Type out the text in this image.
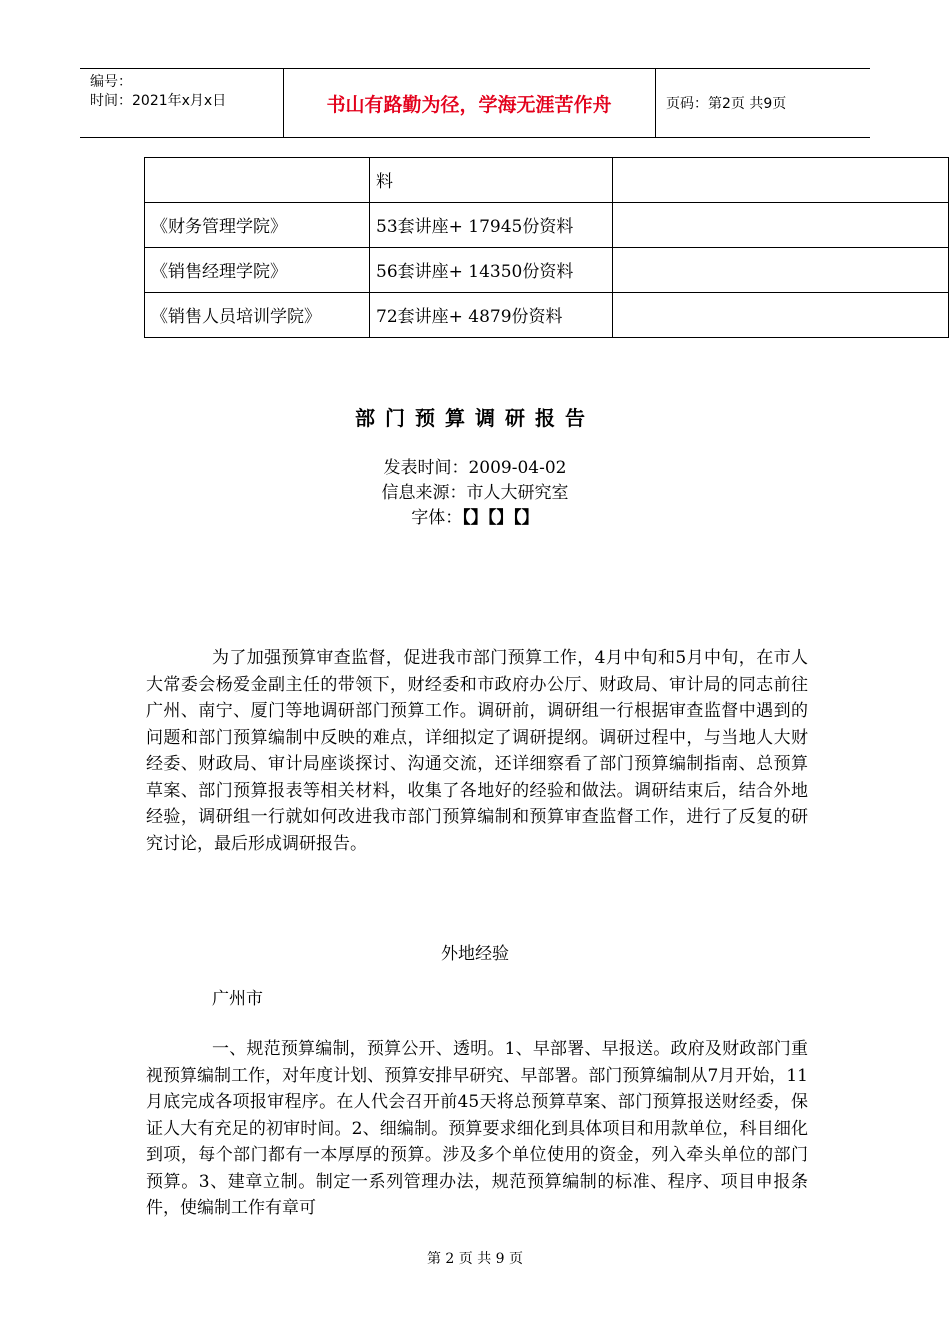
编号：
时间：2021年x月x日	书山有路勤为径，学海无涯苦作舟	页码：第2页 共9页
	料	
《财务管理学院》	53套讲座+ 17945份资料	
《销售经理学院》	56套讲座+ 14350份资料	
《销售人员培训学院》	72套讲座+ 4879份资料	
部门预算调研报告
发表时间：2009-04-02
信息来源：市人大研究室
字体：【】【】【】
为了加强预算审查监督，促进我市部门预算工作，4月中旬和5月中旬，在市人大常委会杨爱金副主任的带领下，财经委和市政府办公厅、财政局、审计局的同志前往广州、南宁、厦门等地调研部门预算工作。调研前，调研组一行根据审查监督中遇到的问题和部门预算编制中反映的难点，详细拟定了调研提纲。调研过程中，与当地人大财经委、财政局、审计局座谈探讨、沟通交流，还详细察看了部门预算编制指南、总预算草案、部门预算报表等相关材料，收集了各地好的经验和做法。调研结束后，结合外地经验，调研组一行就如何改进我市部门预算编制和预算审查监督工作，进行了反复的研究讨论，最后形成调研报告。
外地经验
广州市
一、规范预算编制，预算公开、透明。1、早部署、早报送。政府及财政部门重视预算编制工作，对年度计划、预算安排早研究、早部署。部门预算编制从7月开始，11月底完成各项报审程序。在人代会召开前45天将总预算草案、部门预算报送财经委，保证人大有充足的初审时间。2、细编制。预算要求细化到具体项目和用款单位，科目细化到项，每个部门都有一本厚厚的预算。涉及多个单位使用的资金，列入牵头单位的部门预算。3、建章立制。制定一系列管理办法，规范预算编制的标准、程序、项目申报条件，使编制工作有章可
第 2 页 共 9 页
